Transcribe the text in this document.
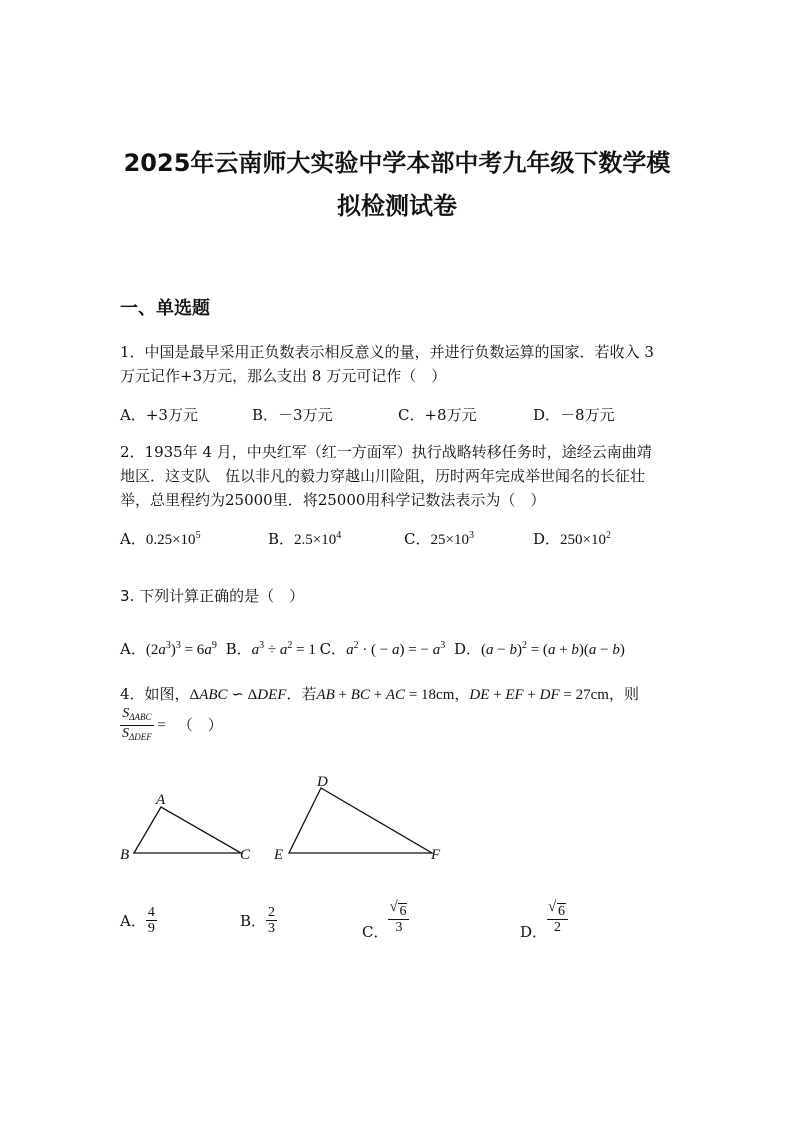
2025年云南师大实验中学本部中考九年级下数学模
拟检测试卷
一、单选题
1．中国是最早采用正负数表示相反意义的量，并进行负数运算的国家．若收入 3
万元记作+3万元，那么支出 8 万元可记作（　）
A．+3万元	B．－3万元	C．+8万元	D．－8万元
2．1935年 4 月，中央红军（红一方面军）执行战略转移任务时，途经云南曲靖
地区．这支队　伍以非凡的毅力穿越山川险阻，历时两年完成举世闻名的长征壮
举，总里程约为25000里．将25000用科学记数法表示为（　）
A．$0.25\times 10^5$	B．$2.5\times 10^4$	C．$25\times 10^3$	D．$250\times 10^2$
3. 下列计算正确的是（　）
A．$(2a^3)^3 = 6a^9$ B．$a^3 \div a^2 = 1$ C．$a^2$ · ( − a) = − $a^3$ D．$(a - b)^2 = (a + b)(a - b)$
4．如图，ΔABC ∽ ΔDEF．若AB + BC + AC = 18cm，DE + EF + DF = 27cm，则
$\frac{S_{\Delta ABC}}{S_{\Delta DEF}}$ = （　）
A
B	C
D
E	F
A． $\frac{4}{9}$	B． $\frac{2}{3}$	C． √ $\frac{6}{3}$	D． √ $\frac{6}{2}$
